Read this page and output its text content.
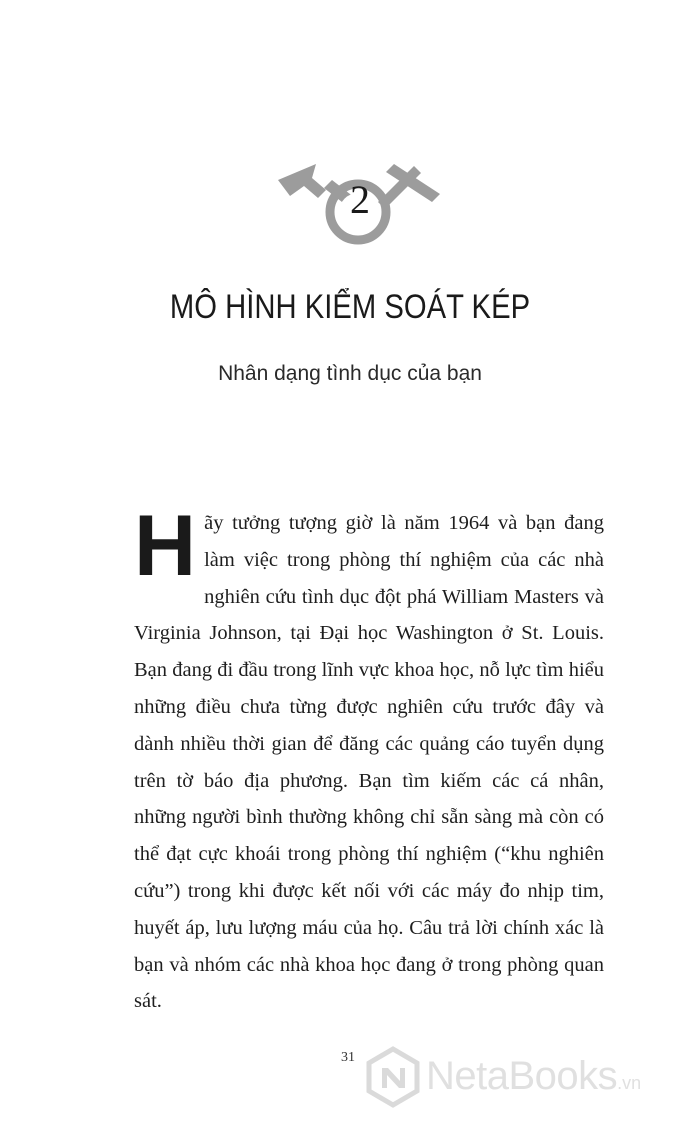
2
MÔ HÌNH KIỂM SOÁT KÉP

Nhân dạng tình dục của bạn

Hãy tưởng tượng giờ là năm 1964 và bạn đang làm việc trong phòng thí nghiệm của các nhà nghiên cứu tình dục đột phá William Masters và Virginia Johnson, tại Đại học Washington ở St. Louis. Bạn đang đi đầu trong lĩnh vực khoa học, nỗ lực tìm hiểu những điều chưa từng được nghiên cứu trước đây và dành nhiều thời gian để đăng các quảng cáo tuyển dụng trên tờ báo địa phương. Bạn tìm kiếm các cá nhân, những người bình thường không chỉ sẵn sàng mà còn có thể đạt cực khoái trong phòng thí nghiệm (“khu nghiên cứu”) trong khi được kết nối với các máy đo nhịp tim, huyết áp, lưu lượng máu của họ. Câu trả lời chính xác là bạn và nhóm các nhà khoa học đang ở trong phòng quan sát.

31	NetaBooks.vn
